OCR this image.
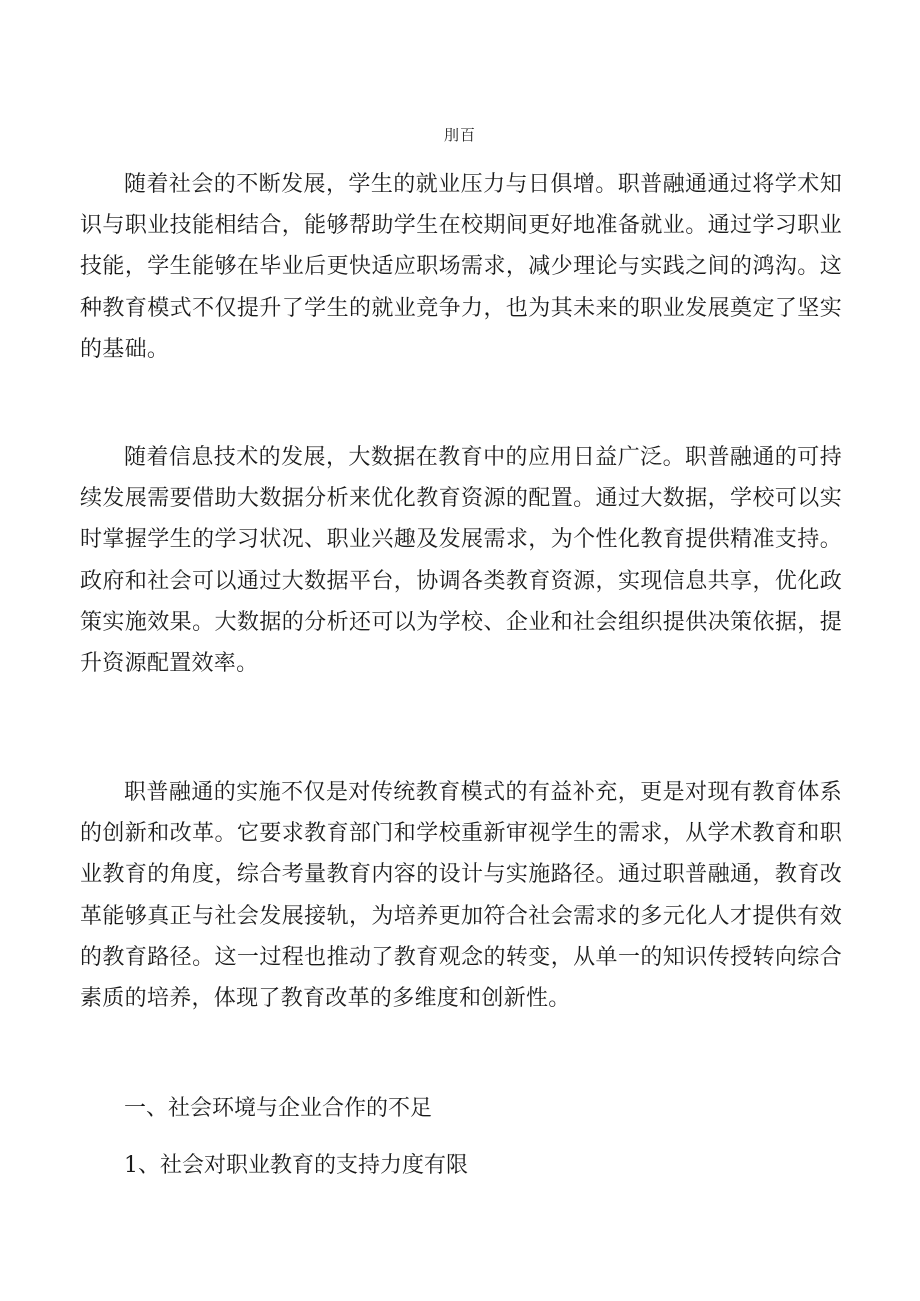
刖百

随着社会的不断发展，学生的就业压力与日俱增。职普融通通过将学术知识与职业技能相结合，能够帮助学生在校期间更好地准备就业。通过学习职业技能，学生能够在毕业后更快适应职场需求，减少理论与实践之间的鸿沟。这种教育模式不仅提升了学生的就业竞争力，也为其未来的职业发展奠定了坚实的基础。

随着信息技术的发展，大数据在教育中的应用日益广泛。职普融通的可持续发展需要借助大数据分析来优化教育资源的配置。通过大数据，学校可以实时掌握学生的学习状况、职业兴趣及发展需求，为个性化教育提供精准支持。政府和社会可以通过大数据平台，协调各类教育资源，实现信息共享，优化政策实施效果。大数据的分析还可以为学校、企业和社会组织提供决策依据，提升资源配置效率。

职普融通的实施不仅是对传统教育模式的有益补充，更是对现有教育体系的创新和改革。它要求教育部门和学校重新审视学生的需求，从学术教育和职业教育的角度，综合考量教育内容的设计与实施路径。通过职普融通，教育改革能够真正与社会发展接轨，为培养更加符合社会需求的多元化人才提供有效的教育路径。这一过程也推动了教育观念的转变，从单一的知识传授转向综合素质的培养，体现了教育改革的多维度和创新性。

一、社会环境与企业合作的不足

1、社会对职业教育的支持力度有限
